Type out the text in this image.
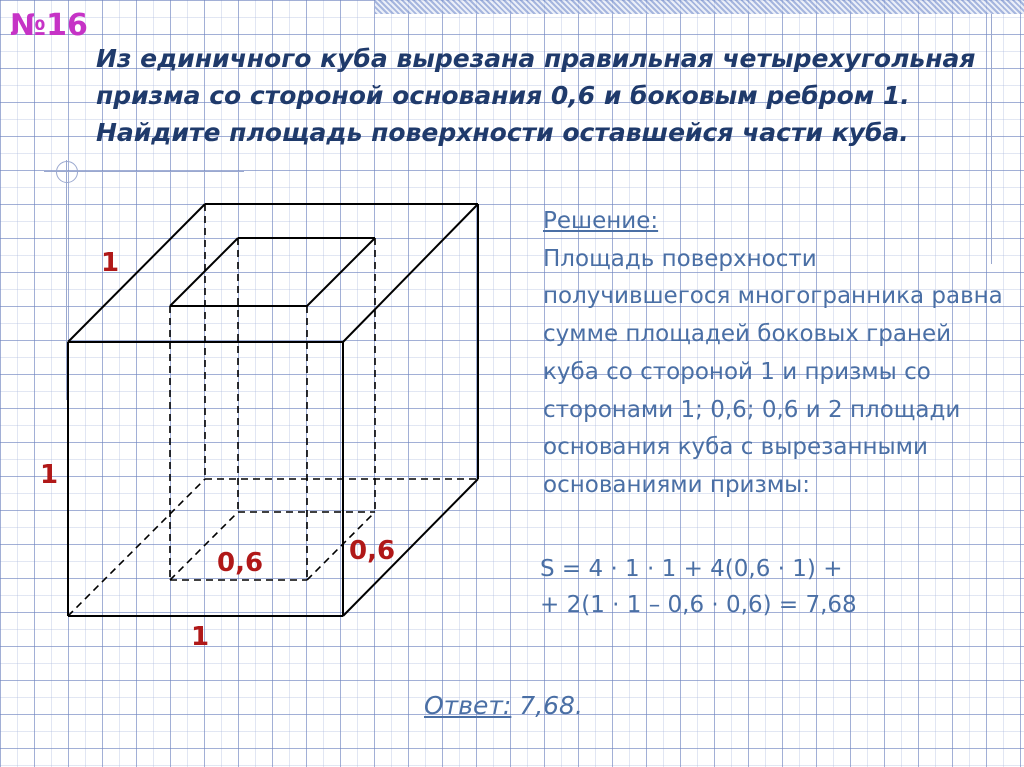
№16

Из единичного куба вырезана правильная четырехугольная призма со стороной основания 0,6 и боковым ребром 1. Найдите площадь поверхности оставшейся части куба.

1
1
1
0,6	0,6
Решение:
Площадь поверхности получившегося многогранника равна сумме площадей боковых граней куба со стороной 1 и призмы со сторонами 1; 0,6; 0,6 и 2 площади основания куба с вырезанными основаниями призмы:
S = 4 · 1 · 1 + 4(0,6 · 1) +
+ 2(1 · 1 – 0,6 · 0,6) = 7,68
Ответ: 7,68.
